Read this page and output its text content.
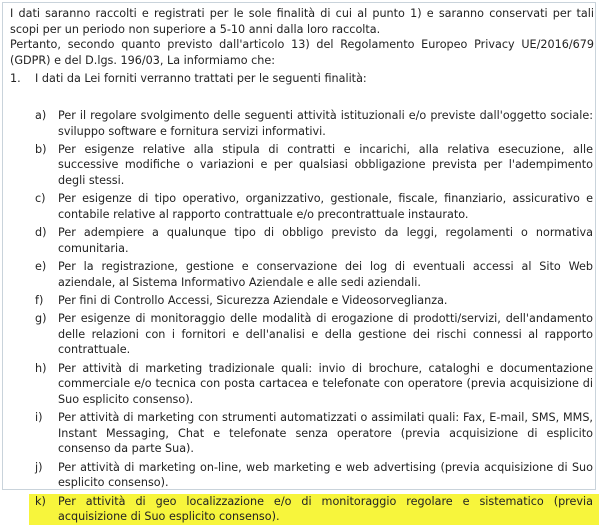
I dati saranno raccolti e registrati per le sole finalità di cui al punto 1) e saranno conservati per tali scopi per un periodo non superiore a 5-10 anni dalla loro raccolta.

Pertanto, secondo quanto previsto dall'articolo 13) del Regolamento Europeo Privacy UE/2016/679 (GDPR) e del D.lgs. 196/03, La informiamo che:

1. I dati da Lei forniti verranno trattati per le seguenti finalità:
a) Per il regolare svolgimento delle seguenti attività istituzionali e/o previste dall'oggetto sociale: sviluppo software e fornitura servizi informativi.
b) Per esigenze relative alla stipula di contratti e incarichi, alla relativa esecuzione, alle successive modifiche o variazioni e per qualsiasi obbligazione prevista per l'adempimento degli stessi.
c) Per esigenze di tipo operativo, organizzativo, gestionale, fiscale, finanziario, assicurativo e contabile relative al rapporto contrattuale e/o precontrattuale instaurato.
d) Per adempiere a qualunque tipo di obbligo previsto da leggi, regolamenti o normativa comunitaria.
e) Per la registrazione, gestione e conservazione dei log di eventuali accessi al Sito Web aziendale, al Sistema Informativo Aziendale e alle sedi aziendali.
f) Per fini di Controllo Accessi, Sicurezza Aziendale e Videosorveglianza.
g) Per esigenze di monitoraggio delle modalità di erogazione di prodotti/servizi, dell'andamento delle relazioni con i fornitori e dell'analisi e della gestione dei rischi connessi al rapporto contrattuale.
h) Per attività di marketing tradizionale quali: invio di brochure, cataloghi e documentazione commerciale e/o tecnica con posta cartacea e telefonate con operatore (previa acquisizione di Suo esplicito consenso).
i) Per attività di marketing con strumenti automatizzati o assimilati quali: Fax, E-mail, SMS, MMS, Instant Messaging, Chat e telefonate senza operatore (previa acquisizione di esplicito consenso da parte Sua).
j) Per attività di marketing on-line, web marketing e web advertising (previa acquisizione di Suo esplicito consenso).
k) Per attività di geo localizzazione e/o di monitoraggio regolare e sistematico (previa acquisizione di Suo esplicito consenso).
